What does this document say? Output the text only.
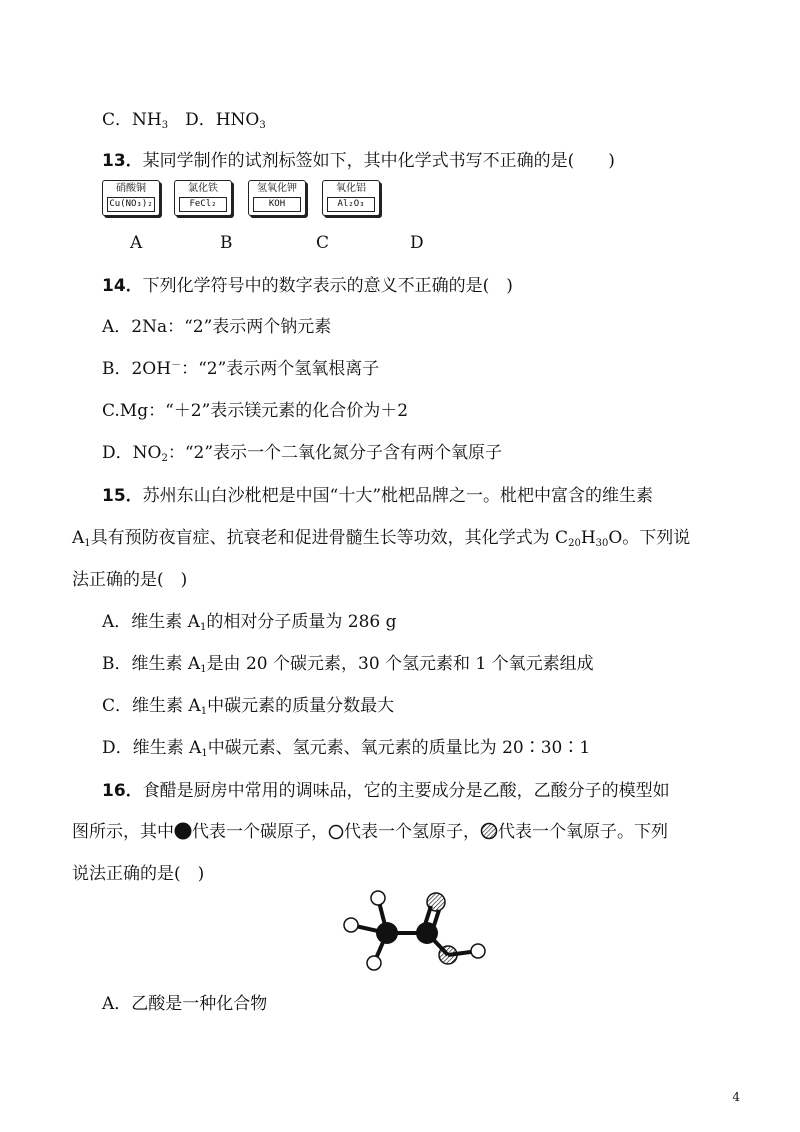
C．$NH_3$　D．$HNO_3$
13．某同学制作的试剂标签如下，其中化学式书写不正确的是(　　)
硝酸铜
Cu(NO₃)₂
氯化铁
FeCl₂
氢氧化钾
KOH
氧化铝
Al₂O₃
A	B	C	D
14．下列化学符号中的数字表示的意义不正确的是(　)
A．2Na：“2”表示两个钠元素
B．2OH－：“2”表示两个氢氧根离子
C.Mg：“＋2”表示镁元素的化合价为＋2
D．$NO_2$：“2”表示一个二氧化氮分子含有两个氧原子
15．苏州东山白沙枇杷是中国“十大”枇杷品牌之一。枇杷中富含的维生素
$A_1$具有预防夜盲症、抗衰老和促进骨髓生长等功效，其化学式为 $C_{20}H_{30}O$。下列说
法正确的是(　)
A．维生素 $A_1$的相对分子质量为 286 g
B．维生素 $A_1$是由 20 个碳元素，30 个氢元素和 1 个氧元素组成
C．维生素 $A_1$中碳元素的质量分数最大
D．维生素 $A_1$中碳元素、氢元素、氧元素的质量比为 20∶30∶1
16．食醋是厨房中常用的调味品，它的主要成分是乙酸，乙酸分子的模型如
图所示，其中 代表一个碳原子， 代表一个氢原子， 代表一个氧原子。下列
说法正确的是(　)
A．乙酸是一种化合物
4
